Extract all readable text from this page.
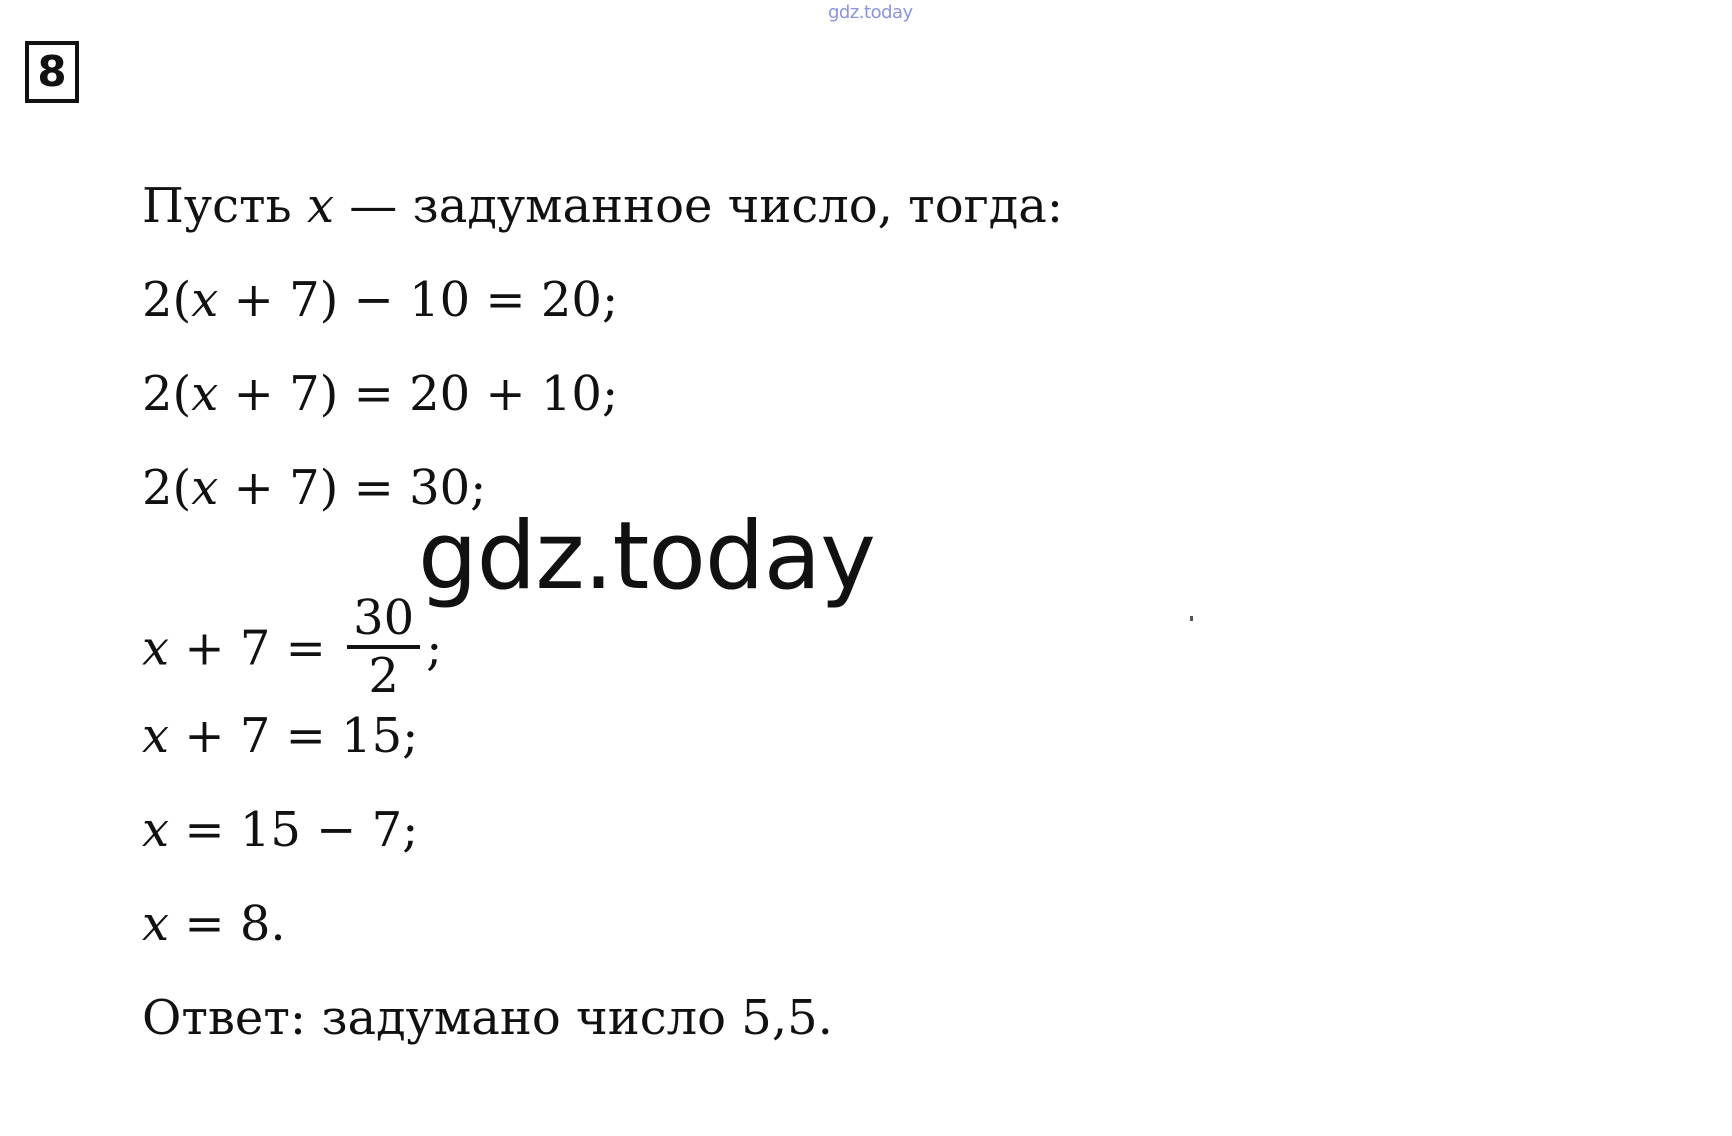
gdz.today
8
Пусть x — задуманное число, тогда:
2(x + 7) − 10 = 20;
2(x + 7) = 20 + 10;
2(x + 7) = 30;
$x + 7 = \frac{30}{2}$ ;
x + 7 = 15;
x = 15 − 7;
x = 8.
Ответ: задумано число 5,5.
gdz.today
